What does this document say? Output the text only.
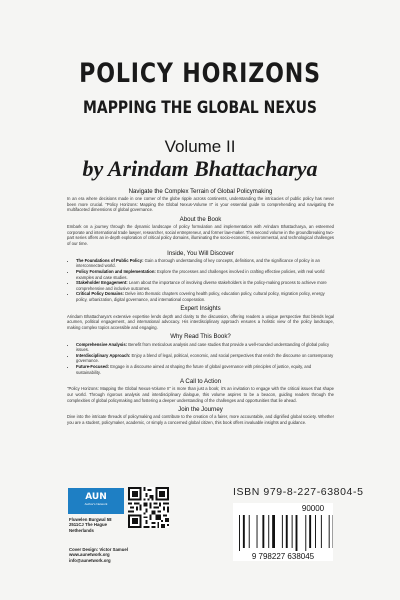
POLICY HORIZONS
MAPPING THE GLOBAL NEXUS
Volume II
by Arindam Bhattacharya
Navigate the Complex Terrain of Global Policymaking

In an era where decisions made in one corner of the globe ripple across continents, understanding the intricacies of public policy has never been more crucial. "Policy Horizons: Mapping the Global Nexus-Volume II" is your essential guide to comprehending and navigating the multifaceted dimensions of global governance.

About the Book

Embark on a journey through the dynamic landscape of policy formulation and implementation with Arindam Bhattacharya, an esteemed corporate and international trade lawyer, researcher, social entrepreneur, and former law-maker. This second volume in the groundbreaking two-part series offers an in-depth exploration of critical policy domains, illuminating the socio-economic, environmental, and technological challenges of our time.

Inside, You Will Discover
• The Foundations of Public Policy: Gain a thorough understanding of key concepts, definitions, and the significance of policy in an interconnected world.
• Policy Formulation and Implementation: Explore the processes and challenges involved in crafting effective policies, with real world examples and case studies.
• Stakeholder Engagement: Learn about the importance of involving diverse stakeholders in the policy-making process to achieve more comprehensive and inclusive outcomes.
• Critical Policy Domains: Delve into thematic chapters covering health policy, education policy, cultural policy, migration policy, energy policy, urbanization, digital governance, and international cooperation.
Expert Insights

Arindam Bhattacharya's extensive expertise lends depth and clarity to the discussion, offering readers a unique perspective that blends legal acumen, political engagement, and international advocacy. His interdisciplinary approach ensures a holistic view of the policy landscape, making complex topics accessible and engaging.

Why Read This Book?
• Comprehensive Analysis: Benefit from meticulous analysis and case studies that provide a well-rounded understanding of global policy issues.
• Interdisciplinary Approach: Enjoy a blend of legal, political, economic, and social perspectives that enrich the discourse on contemporary governance.
• Future-Focused: Engage in a discourse aimed at shaping the future of global governance with principles of justice, equity, and sustainability.
A Call to Action

"Policy Horizons: Mapping the Global Nexus-Volume II" is more than just a book; it's an invitation to engage with the critical issues that shape our world. Through rigorous analysis and interdisciplinary dialogue, this volume aspires to be a beacon, guiding readers through the complexities of global policymaking and fostering a deeper understanding of the challenges and opportunities that lie ahead.

Join the Journey

Dive into the intricate threads of policymaking and contribute to the creation of a fairer, more accountable, and dignified global society. Whether you are a student, policymaker, academic, or simply a concerned global citizen, this book offers invaluable insights and guidance.

AUN
Author's Network
Fluwelen Burgwal 58
2511CJ The Hague
Netherlands
Cover Design: Victor Samuel
www.aunetwork.org
info@aunetwork.org
ISBN 979-8-227-63804-5
90000
9 798227 638045
